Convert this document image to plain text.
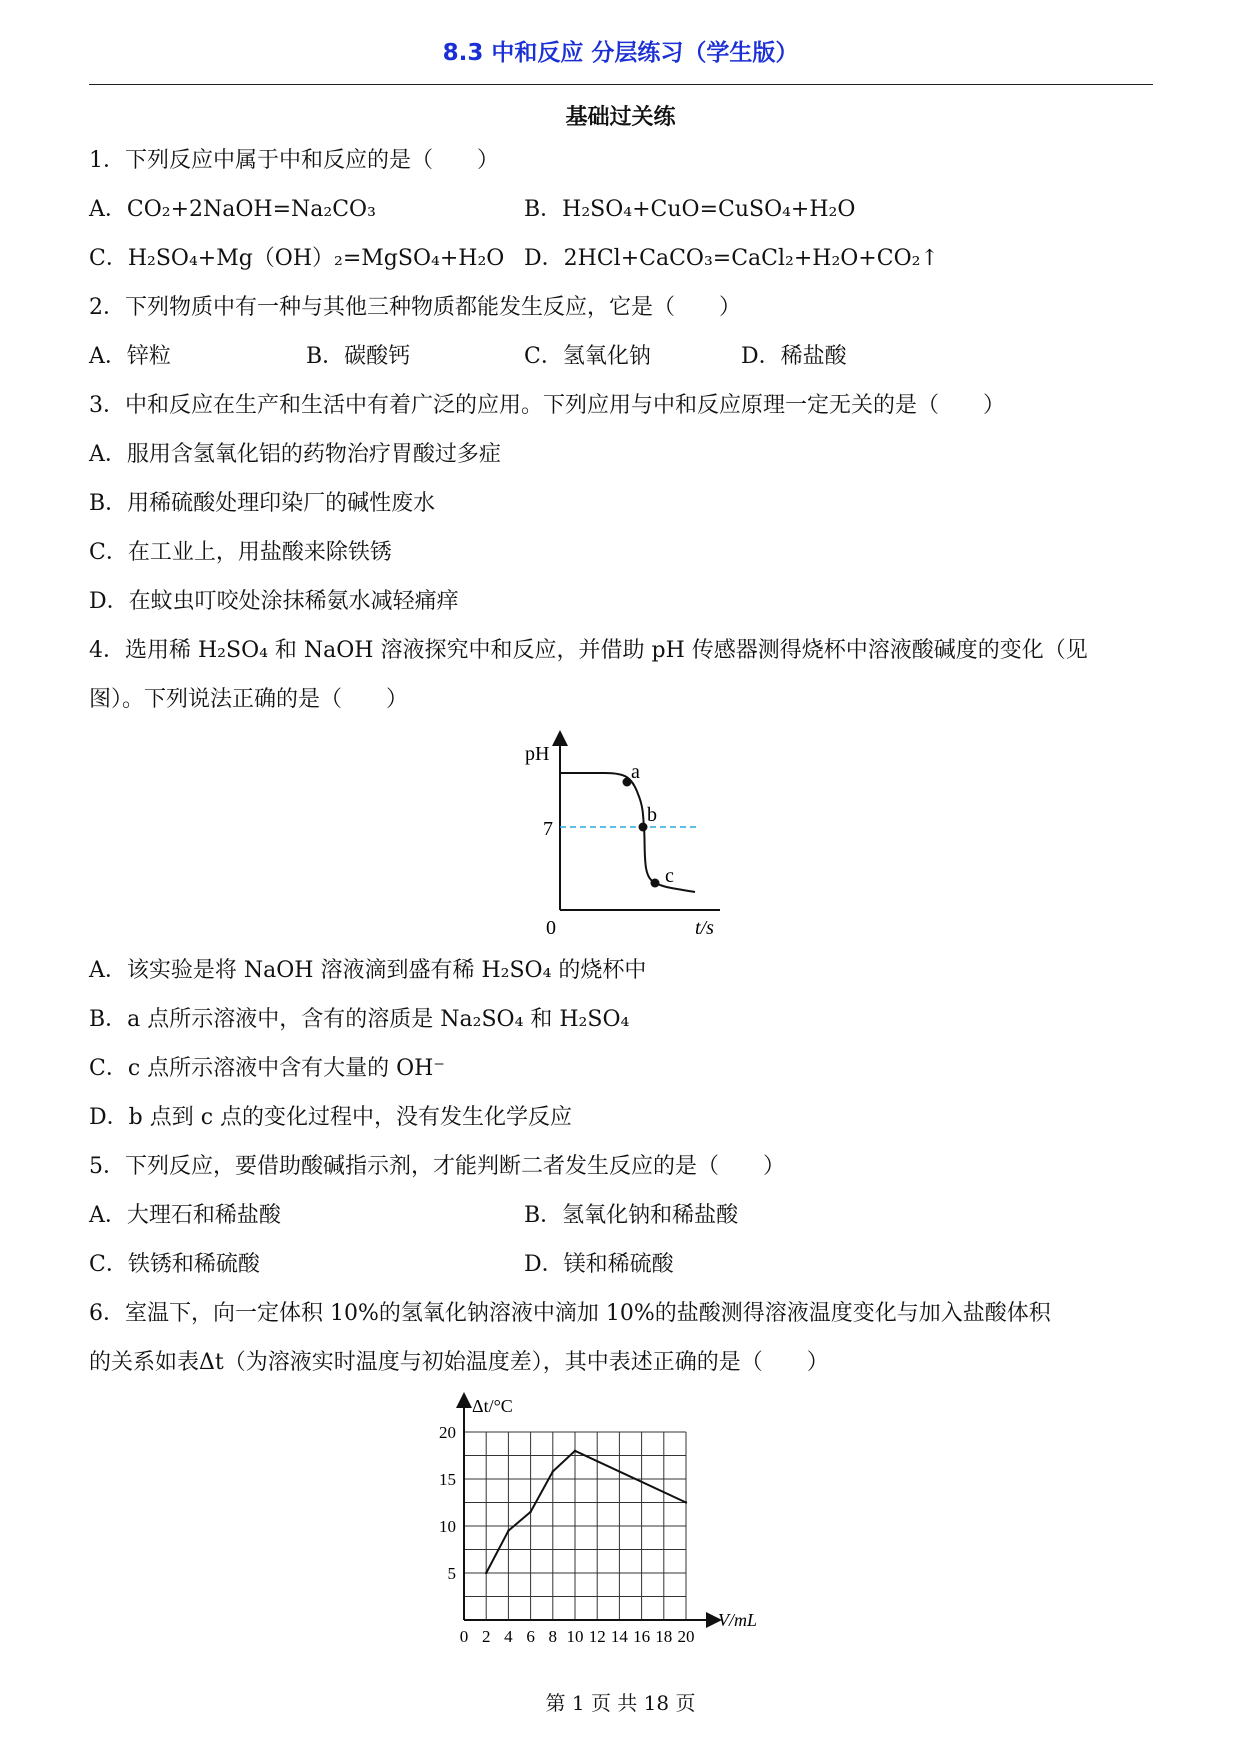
8.3 中和反应 分层练习（学生版）
基础过关练
1．下列反应中属于中和反应的是（　　）
A．CO₂+2NaOH=Na₂CO₃	B．H₂SO₄+CuO=CuSO₄+H₂O
C．H₂SO₄+Mg（OH）₂=MgSO₄+H₂O D．2HCl+CaCO₃=CaCl₂+H₂O+CO₂↑
2．下列物质中有一种与其他三种物质都能发生反应，它是（　　）
A．锌粒	B．碳酸钙	C．氢氧化钠	D．稀盐酸
3．中和反应在生产和生活中有着广泛的应用。下列应用与中和反应原理一定无关的是（　　）
A．服用含氢氧化铝的药物治疗胃酸过多症
B．用稀硫酸处理印染厂的碱性废水
C．在工业上，用盐酸来除铁锈
D．在蚊虫叮咬处涂抹稀氨水减轻痛痒
4．选用稀 H₂SO₄ 和 NaOH 溶液探究中和反应，并借助 pH 传感器测得烧杯中溶液酸碱度的变化（见
图）。下列说法正确的是（　　）
pH
t/s
0
7
a
b
c
A．该实验是将 NaOH 溶液滴到盛有稀 H₂SO₄ 的烧杯中
B．a 点所示溶液中，含有的溶质是 Na₂SO₄ 和 H₂SO₄
C．c 点所示溶液中含有大量的 OH⁻
D．b 点到 c 点的变化过程中，没有发生化学反应
5．下列反应，要借助酸碱指示剂，才能判断二者发生反应的是（　　）
A．大理石和稀盐酸	B．氢氧化钠和稀盐酸
C．铁锈和稀硫酸	D．镁和稀硫酸
6．室温下，向一定体积 10%的氢氧化钠溶液中滴加 10%的盐酸测得溶液温度变化与加入盐酸体积
的关系如表Δt（为溶液实时温度与初始温度差），其中表述正确的是（　　）
0 2 4 6 8 10 12 14 16 18 20
5
10
15
20
Δt/°C
V/mL
第 1 页 共 18 页
